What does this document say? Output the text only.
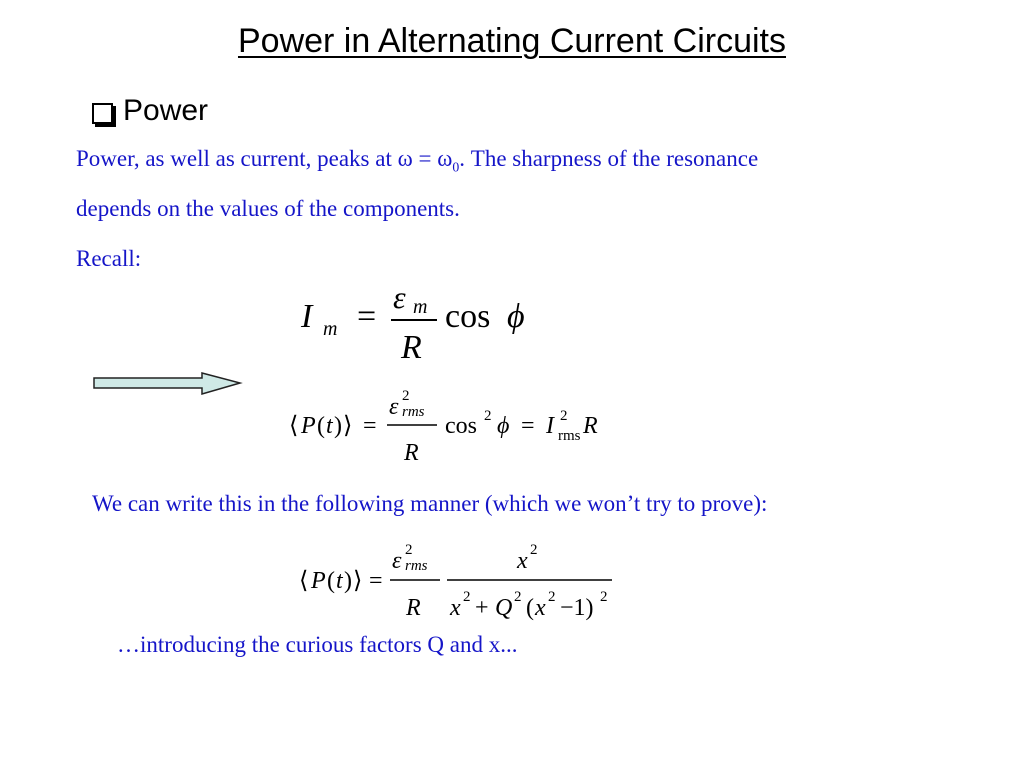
Power in Alternating Current Circuits
Power
Power, as well as current, peaks at $\omega = \omega_0$. The sharpness of the resonance
depends on the values of the components.
Recall:
I m =
ε m
R
cos ϕ
⟨ P ( t ) ⟩ =
ε 2
rms
R
cos 2 ϕ = I 2
rms R
We can write this in the following manner (which we won’t try to prove):
⟨ P ( t ) ⟩ =
ε 2
rms
R
x 2
x 2 + Q 2 ( x 2 −1) 2
…introducing the curious factors Q and x...
